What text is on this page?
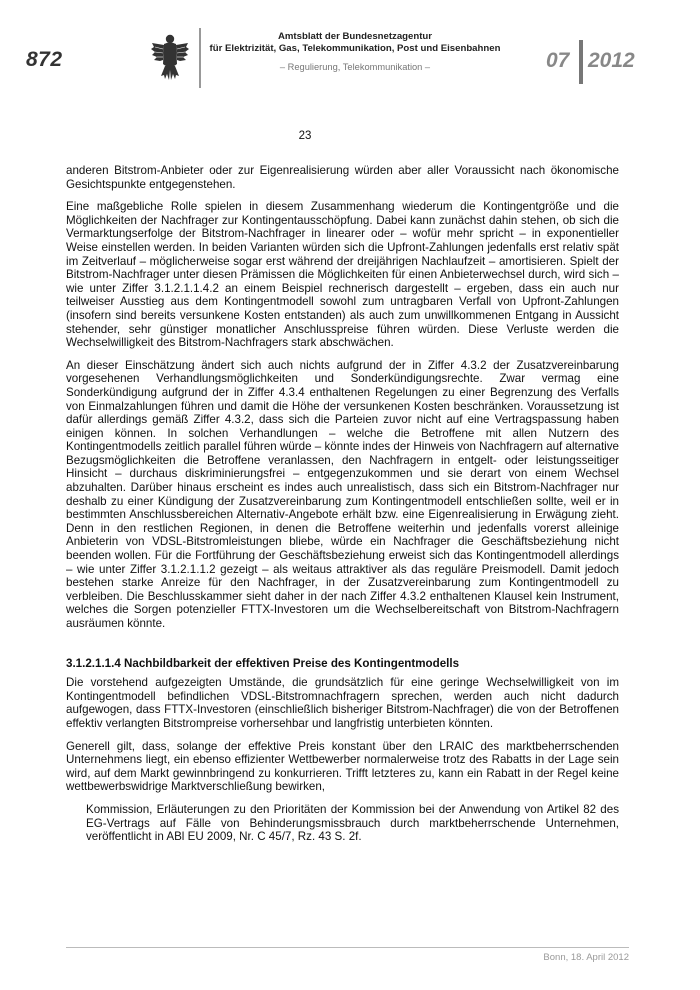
872
Amtsblatt der Bundesnetzagentur
für Elektrizität, Gas, Telekommunikation, Post und Eisenbahnen
– Regulierung, Telekommunikation –	07 2012
23

anderen Bitstrom-Anbieter oder zur Eigenrealisierung würden aber aller Voraussicht nach ökonomische Gesichtspunkte entgegenstehen.

Eine maßgebliche Rolle spielen in diesem Zusammenhang wiederum die Kontingentgröße und die Möglichkeiten der Nachfrager zur Kontingentausschöpfung. Dabei kann zunächst dahin stehen, ob sich die Vermarktungserfolge der Bitstrom-Nachfrager in linearer oder – wofür mehr spricht – in exponentieller Weise einstellen werden. In beiden Varianten würden sich die Upfront-Zahlungen jedenfalls erst relativ spät im Zeitverlauf – möglicherweise sogar erst während der dreijährigen Nachlaufzeit – amortisieren. Spielt der Bitstrom-Nachfrager unter diesen Prämissen die Möglichkeiten für einen Anbieterwechsel durch, wird sich – wie unter Ziffer 3.1.2.1.1.4.2 an einem Beispiel rechnerisch dargestellt – ergeben, dass ein auch nur teilweiser Ausstieg aus dem Kontingentmodell sowohl zum untragbaren Verfall von Upfront-Zahlungen (insofern sind bereits versunkene Kosten entstanden) als auch zum unwillkommenen Entgang in Aussicht stehender, sehr günstiger monatlicher Anschlusspreise führen würden. Diese Verluste werden die Wechselwilligkeit des Bitstrom-Nachfragers stark abschwächen.

An dieser Einschätzung ändert sich auch nichts aufgrund der in Ziffer 4.3.2 der Zusatzvereinbarung vorgesehenen Verhandlungsmöglichkeiten und Sonderkündigungsrechte. Zwar vermag eine Sonderkündigung aufgrund der in Ziffer 4.3.4 enthaltenen Regelungen zu einer Begrenzung des Verfalls von Einmalzahlungen führen und damit die Höhe der versunkenen Kosten beschränken. Voraussetzung ist dafür allerdings gemäß Ziffer 4.3.2, dass sich die Parteien zuvor nicht auf eine Vertragspassung haben einigen können. In solchen Verhandlungen – welche die Betroffene mit allen Nutzern des Kontingentmodells zeitlich parallel führen würde – könnte indes der Hinweis von Nachfragern auf alternative Bezugsmöglichkeiten die Betroffene veranlassen, den Nachfragern in entgelt- oder leistungsseitiger Hinsicht – durchaus diskriminierungsfrei – entgegenzukommen und sie derart von einem Wechsel abzuhalten. Darüber hinaus erscheint es indes auch unrealistisch, dass sich ein Bitstrom-Nachfrager nur deshalb zu einer Kündigung der Zusatzvereinbarung zum Kontingentmodell entschließen sollte, weil er in bestimmten Anschlussbereichen Alternativ-Angebote erhält bzw. eine Eigenrealisierung in Erwägung zieht. Denn in den restlichen Regionen, in denen die Betroffene weiterhin und jedenfalls vorerst alleinige Anbieterin von VDSL-Bitstromleistungen bliebe, würde ein Nachfrager die Geschäftsbeziehung nicht beenden wollen. Für die Fortführung der Geschäftsbeziehung erweist sich das Kontingentmodell allerdings – wie unter Ziffer 3.1.2.1.1.2 gezeigt – als weitaus attraktiver als das reguläre Preismodell. Damit jedoch bestehen starke Anreize für den Nachfrager, in der Zusatzvereinbarung zum Kontingentmodell zu verbleiben. Die Beschlusskammer sieht daher in der nach Ziffer 4.3.2 enthaltenen Klausel kein Instrument, welches die Sorgen potenzieller FTTX-Investoren um die Wechselbereitschaft von Bitstrom-Nachfragern ausräumen könnte.

3.1.2.1.1.4 Nachbildbarkeit der effektiven Preise des Kontingentmodells

Die vorstehend aufgezeigten Umstände, die grundsätzlich für eine geringe Wechselwilligkeit von im Kontingentmodell befindlichen VDSL-Bitstromnachfragern sprechen, werden auch nicht dadurch aufgewogen, dass FTTX-Investoren (einschließlich bisheriger Bitstrom-Nachfrager) die von der Betroffenen effektiv verlangten Bitstrompreise vorhersehbar und langfristig unterbieten könnten.

Generell gilt, dass, solange der effektive Preis konstant über den LRAIC des marktbeherrschenden Unternehmens liegt, ein ebenso effizienter Wettbewerber normalerweise trotz des Rabatts in der Lage sein wird, auf dem Markt gewinnbringend zu konkurrieren. Trifft letzteres zu, kann ein Rabatt in der Regel keine wettbewerbswidrige Marktverschließung bewirken,

Kommission, Erläuterungen zu den Prioritäten der Kommission bei der Anwendung von Artikel 82 des EG-Vertrags auf Fälle von Behinderungsmissbrauch durch marktbeherrschende Unternehmen, veröffentlicht in ABl EU 2009, Nr. C 45/7, Rz. 43 S. 2f.
Bonn, 18. April 2012
